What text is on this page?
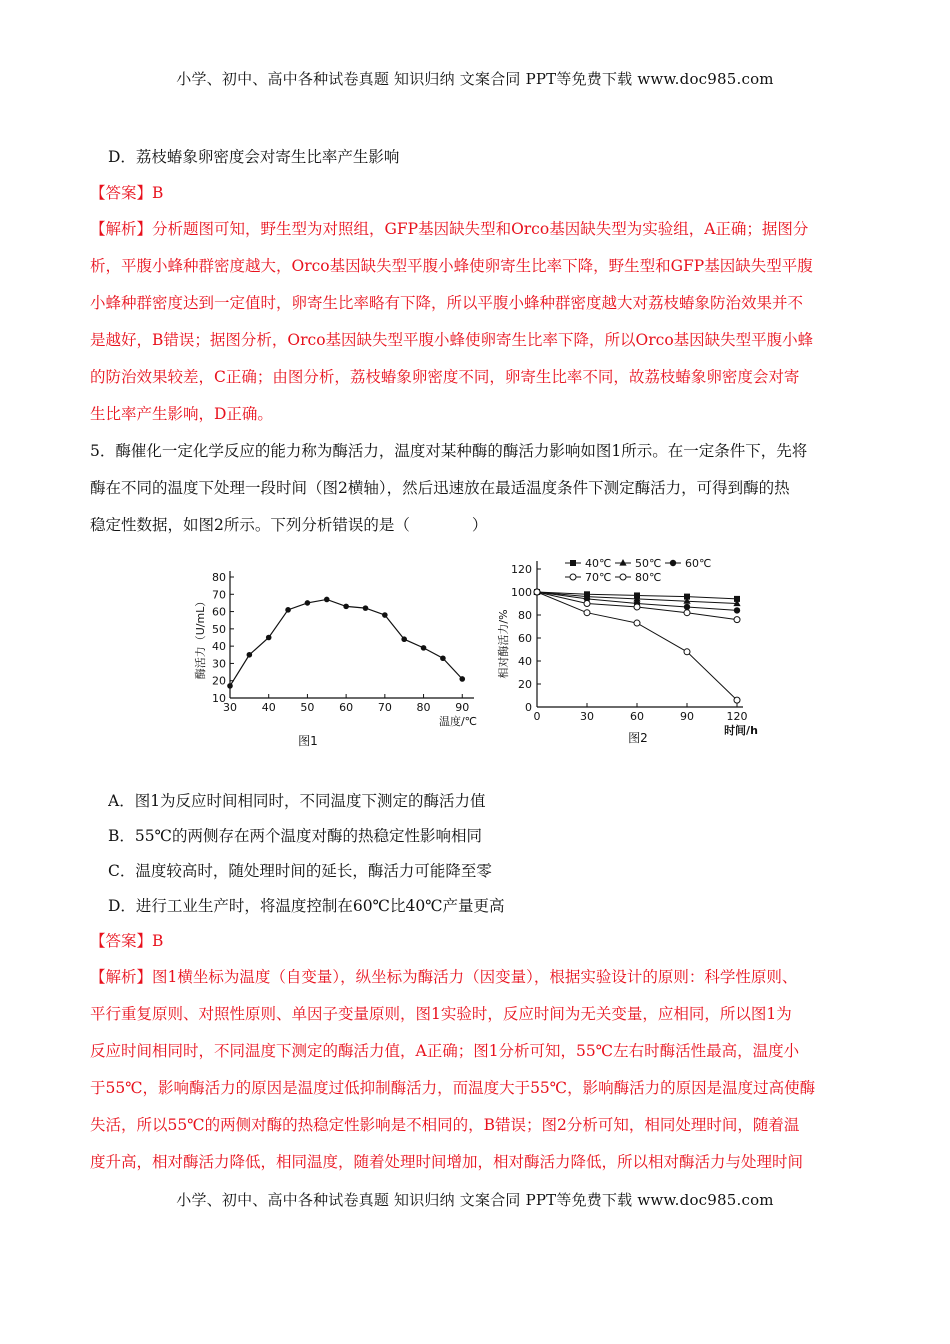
小学、初中、高中各种试卷真题 知识归纳 文案合同 PPT等免费下载 www.doc985.com
D．荔枝蝽象卵密度会对寄生比率产生影响
【答案】B
【解析】分析题图可知，野生型为对照组，GFP基因缺失型和Orco基因缺失型为实验组，A正确；据图分
析，平腹小蜂种群密度越大，Orco基因缺失型平腹小蜂使卵寄生比率下降，野生型和GFP基因缺失型平腹
小蜂种群密度达到一定值时，卵寄生比率略有下降，所以平腹小蜂种群密度越大对荔枝蝽象防治效果并不
是越好，B错误；据图分析，Orco基因缺失型平腹小蜂使卵寄生比率下降，所以Orco基因缺失型平腹小蜂
的防治效果较差，C正确；由图分析，荔枝蝽象卵密度不同，卵寄生比率不同，故荔枝蝽象卵密度会对寄
生比率产生影响，D正确。
5．酶催化一定化学反应的能力称为酶活力，温度对某种酶的酶活力影响如图1所示。在一定条件下，先将
酶在不同的温度下处理一段时间（图2横轴），然后迅速放在最适温度条件下测定酶活力，可得到酶的热
稳定性数据，如图2所示。下列分析错误的是（　　　　）
10
20
30
40
50
60
70
80
30 40 50 60 70 80 90
温度/℃
酶活力（U/mL）
图1
0
20
40
60
80
100
120
0	30	60	90	120
40℃ 50℃ 60℃
70℃ 80℃
时间/h
相对酶活力/%
图2
A．图1为反应时间相同时，不同温度下测定的酶活力值
B．55℃的两侧存在两个温度对酶的热稳定性影响相同
C．温度较高时，随处理时间的延长，酶活力可能降至零
D．进行工业生产时，将温度控制在60℃比40℃产量更高
【答案】B
【解析】图1横坐标为温度（自变量），纵坐标为酶活力（因变量），根据实验设计的原则：科学性原则、
平行重复原则、对照性原则、单因子变量原则，图1实验时，反应时间为无关变量，应相同，所以图1为
反应时间相同时，不同温度下测定的酶活力值，A正确；图1分析可知，55℃左右时酶活性最高，温度小
于55℃，影响酶活力的原因是温度过低抑制酶活力，而温度大于55℃，影响酶活力的原因是温度过高使酶
失活，所以55℃的两侧对酶的热稳定性影响是不相同的，B错误；图2分析可知，相同处理时间，随着温
度升高，相对酶活力降低，相同温度，随着处理时间增加，相对酶活力降低，所以相对酶活力与处理时间
小学、初中、高中各种试卷真题 知识归纳 文案合同 PPT等免费下载 www.doc985.com
